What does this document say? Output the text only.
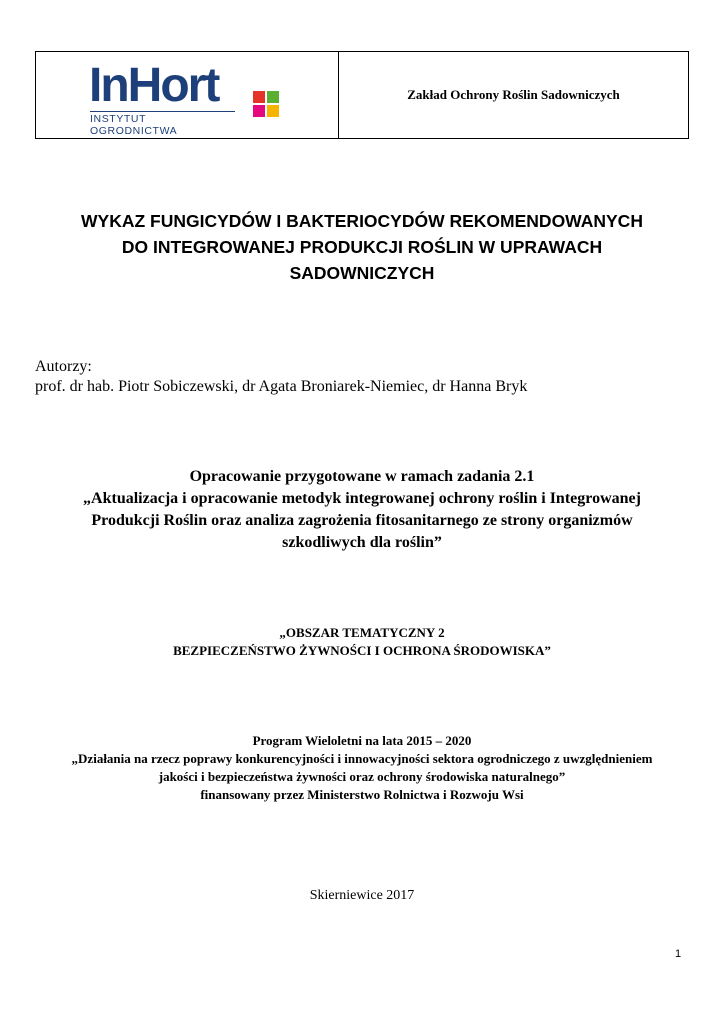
InHort
INSTYTUT OGRODNICTWA
Zakład Ochrony Roślin Sadowniczych
WYKAZ FUNGICYDÓW I BAKTERIOCYDÓW REKOMENDOWANYCH
DO INTEGROWANEJ PRODUKCJI ROŚLIN W UPRAWACH
SADOWNICZYCH
Autorzy:
prof. dr hab. Piotr Sobiczewski, dr Agata Broniarek-Niemiec, dr Hanna Bryk
Opracowanie przygotowane w ramach zadania 2.1
„Aktualizacja i opracowanie metodyk integrowanej ochrony roślin i Integrowanej
Produkcji Roślin oraz analiza zagrożenia fitosanitarnego ze strony organizmów
szkodliwych dla roślin”
„OBSZAR TEMATYCZNY 2
BEZPIECZEŃSTWO ŻYWNOŚCI I OCHRONA ŚRODOWISKA”
Program Wieloletni na lata 2015 – 2020
„Działania na rzecz poprawy konkurencyjności i innowacyjności sektora ogrodniczego z uwzględnieniem
jakości i bezpieczeństwa żywności oraz ochrony środowiska naturalnego”
finansowany przez Ministerstwo Rolnictwa i Rozwoju Wsi
Skierniewice 2017
1
